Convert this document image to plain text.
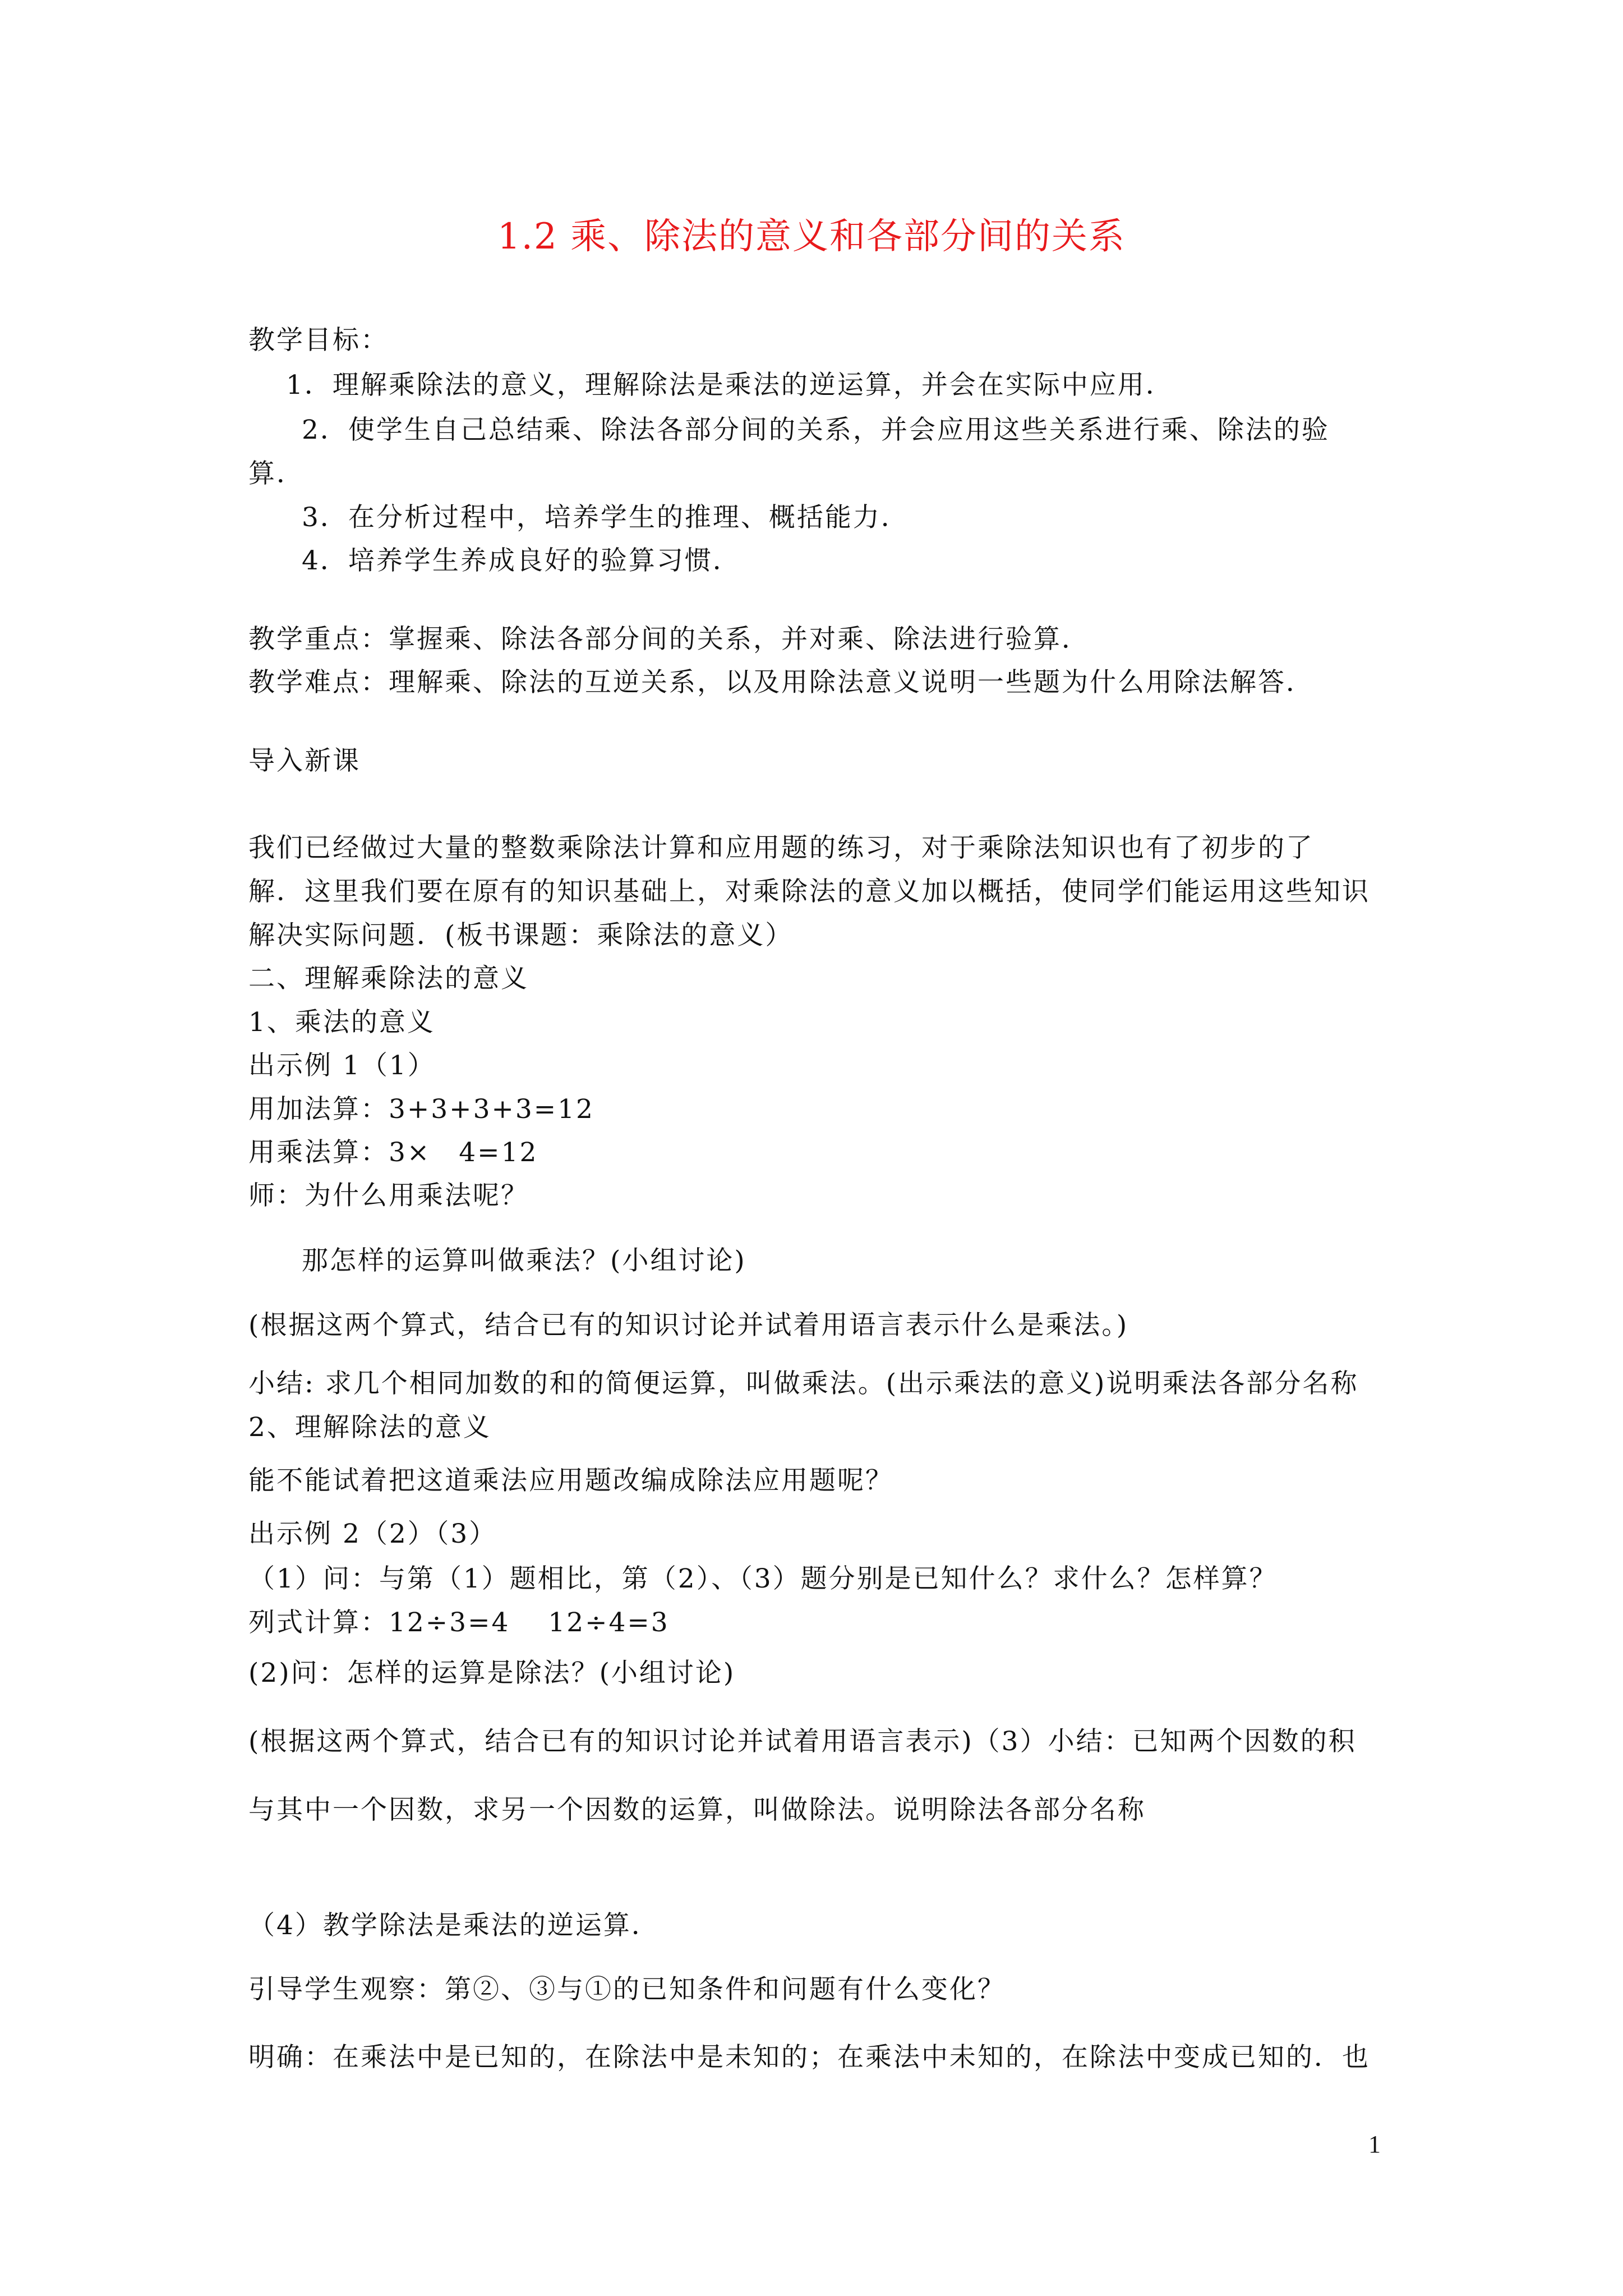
1.2 乘、除法的意义和各部分间的关系
教学目标：
1．理解乘除法的意义，理解除法是乘法的逆运算，并会在实际中应用．
2．使学生自己总结乘、除法各部分间的关系，并会应用这些关系进行乘、除法的验
算．
3．在分析过程中，培养学生的推理、概括能力．
4．培养学生养成良好的验算习惯．
教学重点：掌握乘、除法各部分间的关系，并对乘、除法进行验算．
教学难点：理解乘、除法的互逆关系，以及用除法意义说明一些题为什么用除法解答．
导入新课
我们已经做过大量的整数乘除法计算和应用题的练习，对于乘除法知识也有了初步的了
解．这里我们要在原有的知识基础上，对乘除法的意义加以概括，使同学们能运用这些知识
解决实际问题．(板书课题：乘除法的意义）
二、理解乘除法的意义
1、乘法的意义
出示例 1（1）
用加法算：3+3+3+3=12
用乘法算：3×　4=12
师：为什么用乘法呢？
那怎样的运算叫做乘法？(小组讨论)
(根据这两个算式，结合已有的知识讨论并试着用语言表示什么是乘法。)
小结: 求几个相同加数的和的简便运算，叫做乘法。(出示乘法的意义)说明乘法各部分名称
2、理解除法的意义
能不能试着把这道乘法应用题改编成除法应用题呢？
出示例 2（2）（3）
（1）问：与第（1）题相比，第（2）、（3）题分别是已知什么？求什么？怎样算？
列式计算：12÷3=4　 12÷4=3
(2)问：怎样的运算是除法？(小组讨论)
(根据这两个算式，结合已有的知识讨论并试着用语言表示)（3）小结：已知两个因数的积
与其中一个因数，求另一个因数的运算，叫做除法。说明除法各部分名称
（4）教学除法是乘法的逆运算．
引导学生观察：第②、③与①的已知条件和问题有什么变化？
明确：在乘法中是已知的，在除法中是未知的；在乘法中未知的，在除法中变成已知的．也
1
